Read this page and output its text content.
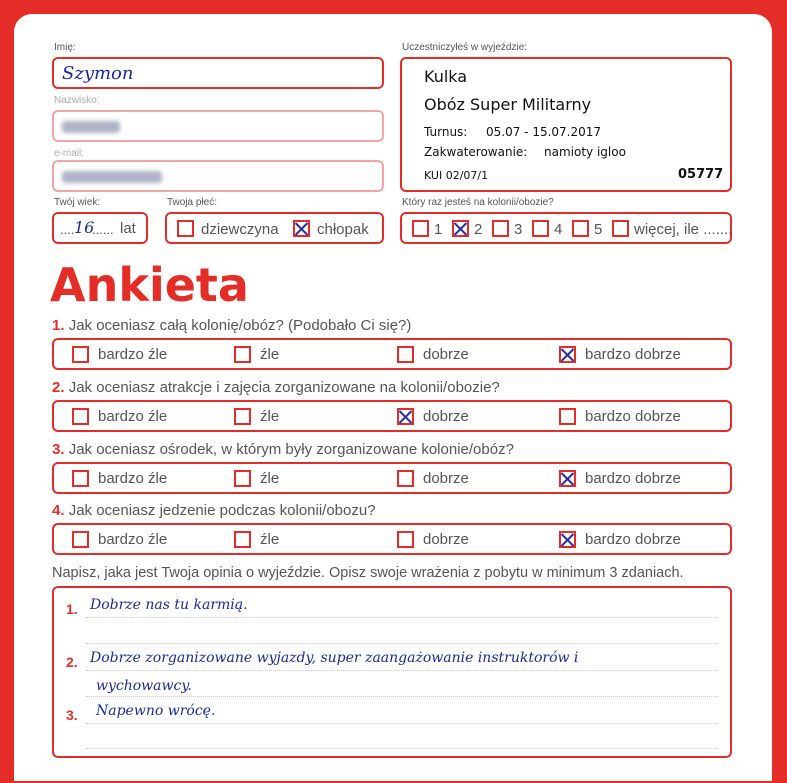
Imię:
Szymon
Nazwisko:
e-mail:
Twój wiek:
.... 16
...... lat
Twoja płeć:
dziewczyna	chłopak
Uczestniczyłeś w wyjeździe:
Kulka
Obóz Super Militarny
Turnus: 05.07 - 15.07.2017
Zakwaterowanie: namioty igloo
KUI 02/07/1	05777
Który raz jesteś na kolonii/obozie?
1 2 3 4 5 więcej, ile .......
Ankieta
1. Jak oceniasz całą kolonię/obóz? (Podobało Ci się?)
bardzo źle	źle	dobrze	bardzo dobrze
2. Jak oceniasz atrakcje i zajęcia zorganizowane na kolonii/obozie?
bardzo źle	źle	dobrze	bardzo dobrze
3. Jak oceniasz ośrodek, w którym były zorganizowane kolonie/obóz?
bardzo źle	źle	dobrze	bardzo dobrze
4. Jak oceniasz jedzenie podczas kolonii/obozu?
bardzo źle	źle	dobrze	bardzo dobrze
Napisz, jaka jest Twoja opinia o wyjeździe. Opisz swoje wrażenia z pobytu w minimum 3 zdaniach.
1.
2.
3.
Dobrze nas tu karmią.
Dobrze zorganizowane wyjazdy, super zaangażowanie instruktorów i
wychowawcy.
Napewno wrócę.
